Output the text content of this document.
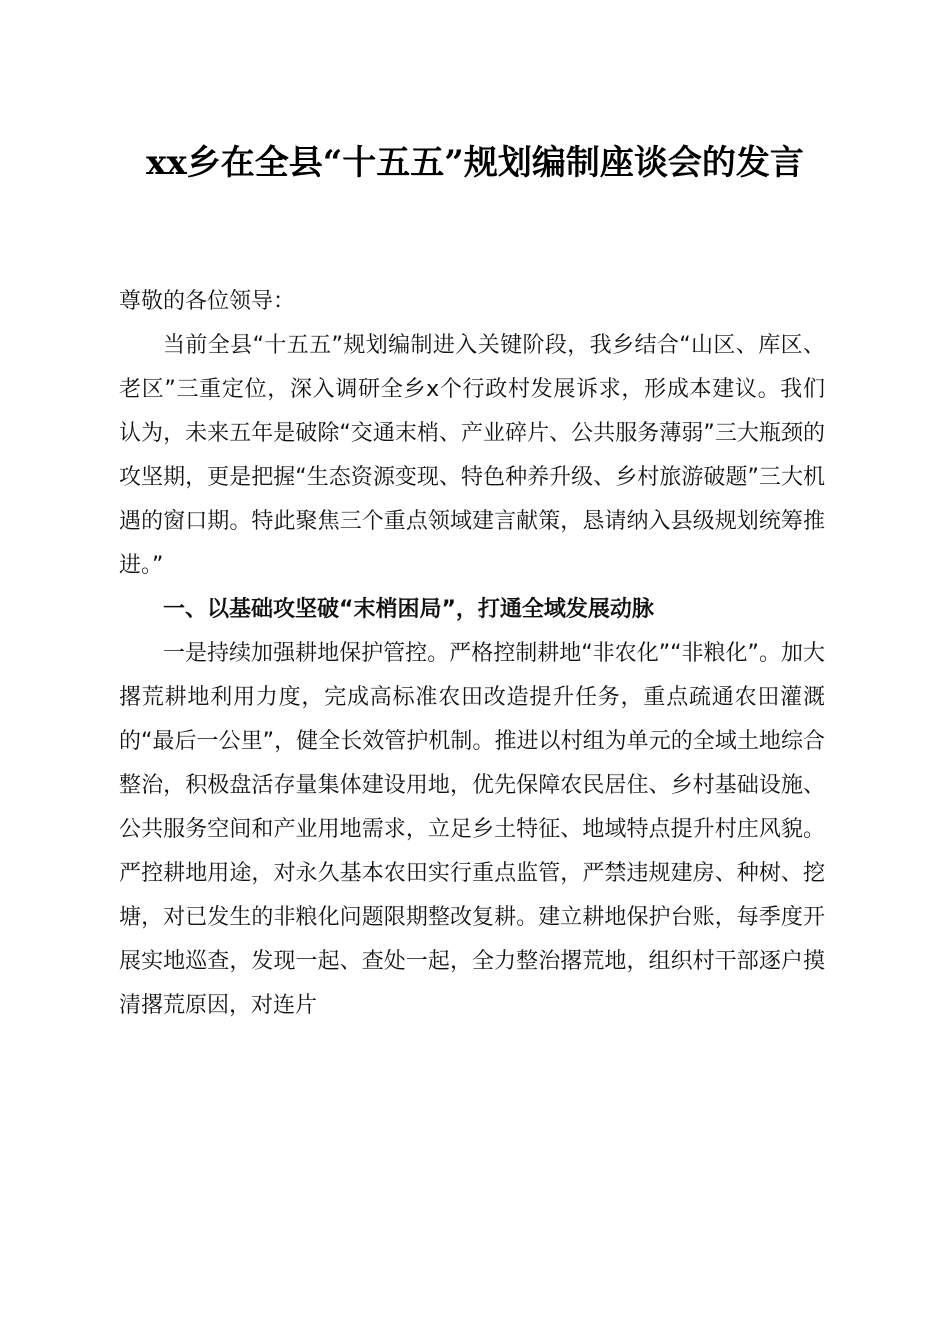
xx乡在全县“十五五”规划编制座谈会的发言

尊敬的各位领导：

当前全县“十五五”规划编制进入关键阶段，我乡结合“山区、库区、老区”三重定位，深入调研全乡x个行政村发展诉求，形成本建议。我们认为，未来五年是破除“交通末梢、产业碎片、公共服务薄弱”三大瓶颈的攻坚期，更是把握“生态资源变现、特色种养升级、乡村旅游破题”三大机遇的窗口期。特此聚焦三个重点领域建言献策，恳请纳入县级规划统筹推进。”

一、以基础攻坚破“末梢困局”，打通全域发展动脉

一是持续加强耕地保护管控。严格控制耕地“非农化”“非粮化”。加大撂荒耕地利用力度，完成高标准农田改造提升任务，重点疏通农田灌溉的“最后一公里”，健全长效管护机制。推进以村组为单元的全域土地综合整治，积极盘活存量集体建设用地，优先保障农民居住、乡村基础设施、公共服务空间和产业用地需求，立足乡土特征、地域特点提升村庄风貌。严控耕地用途，对永久基本农田实行重点监管，严禁违规建房、种树、挖塘，对已发生的非粮化问题限期整改复耕。建立耕地保护台账，每季度开展实地巡查，发现一起、查处一起，全力整治撂荒地，组织村干部逐户摸清撂荒原因，对连片
